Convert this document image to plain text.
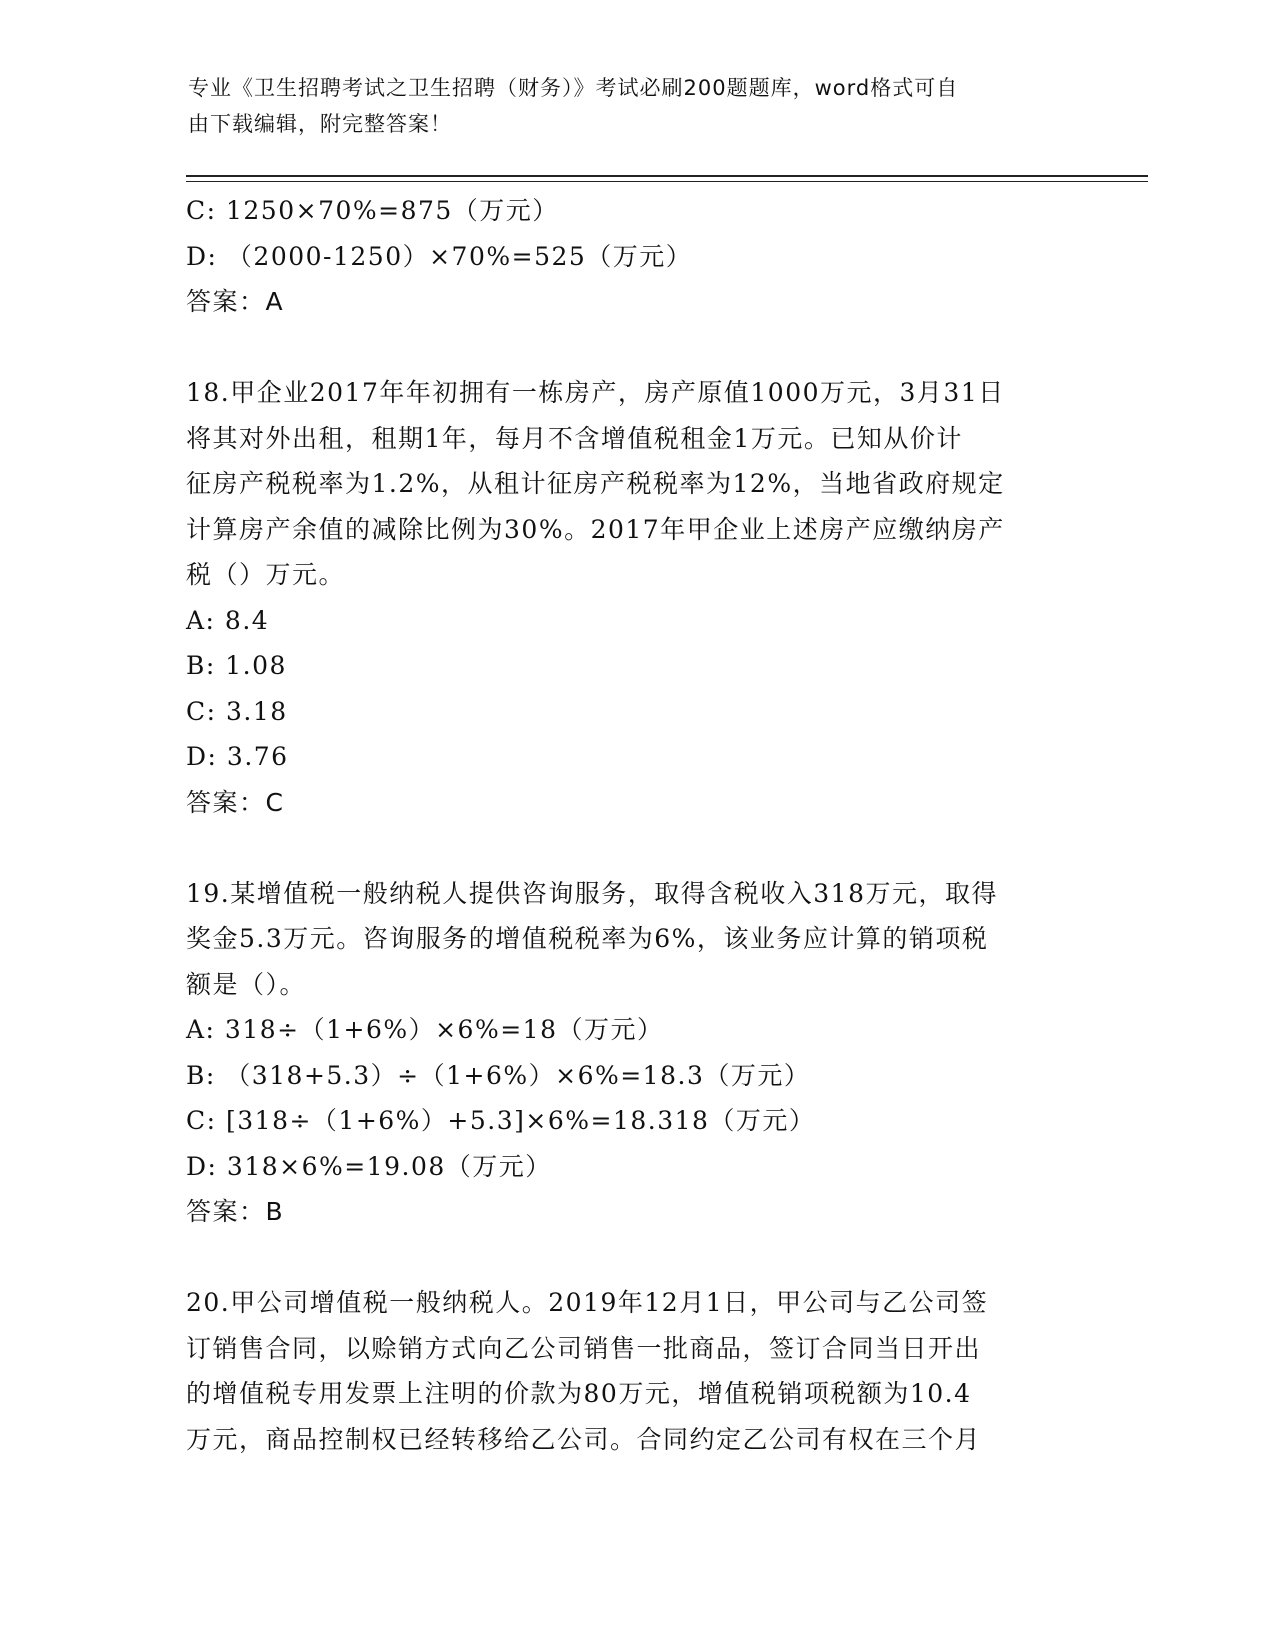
专业《卫生招聘考试之卫生招聘（财务）》考试必刷200题题库，word格式可自
由下载编辑，附完整答案！
C: 1250×70%=875（万元）
D: （2000-1250）×70%=525（万元）
答案：A
18.甲企业2017年年初拥有一栋房产，房产原值1000万元，3月31日
将其对外出租，租期1年，每月不含增值税租金1万元。已知从价计
征房产税税率为1.2%，从租计征房产税税率为12%，当地省政府规定
计算房产余值的减除比例为30%。2017年甲企业上述房产应缴纳房产
税（）万元。
A: 8.4
B: 1.08
C: 3.18
D: 3.76
答案：C
19.某增值税一般纳税人提供咨询服务，取得含税收入318万元，取得
奖金5.3万元。咨询服务的增值税税率为6%，该业务应计算的销项税
额是（）。
A: 318÷（1+6%）×6%=18（万元）
B: （318+5.3）÷（1+6%）×6%=18.3（万元）
C: [318÷（1+6%）+5.3]×6%=18.318（万元）
D: 318×6%=19.08（万元）
答案：B
20.甲公司增值税一般纳税人。2019年12月1日，甲公司与乙公司签
订销售合同，以赊销方式向乙公司销售一批商品，签订合同当日开出
的增值税专用发票上注明的价款为80万元，增值税销项税额为10.4
万元，商品控制权已经转移给乙公司。合同约定乙公司有权在三个月
